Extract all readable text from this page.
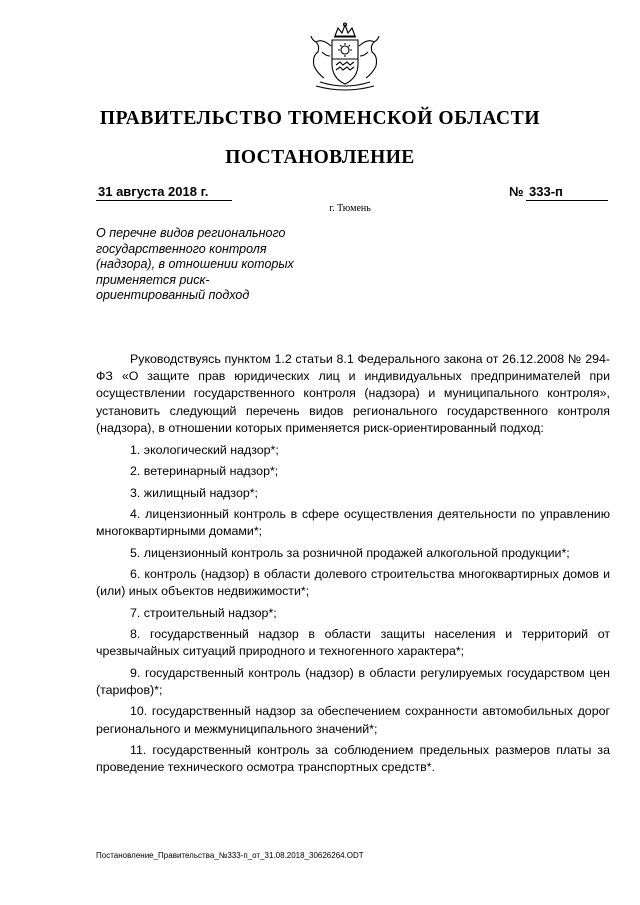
ПРАВИТЕЛЬСТВО ТЮМЕНСКОЙ ОБЛАСТИ
ПОСТАНОВЛЕНИЕ
31 августа 2018 г.	№ 333-п
г. Тюмень
О перечне видов регионального государственного контроля (надзора), в отношении которых применяется риск-ориентированный подход

Руководствуясь пунктом 1.2 статьи 8.1 Федерального закона от 26.12.2008 № 294-ФЗ «О защите прав юридических лиц и индивидуальных предпринимателей при осуществлении государственного контроля (надзора) и муниципального контроля», установить следующий перечень видов регионального государственного контроля (надзора), в отношении которых применяется риск-ориентированный подход:

1. экологический надзор*;

2. ветеринарный надзор*;

3. жилищный надзор*;

4. лицензионный контроль в сфере осуществления деятельности по управлению многоквартирными домами*;

5. лицензионный контроль за розничной продажей алкогольной продукции*;

6. контроль (надзор) в области долевого строительства многоквартирных домов и (или) иных объектов недвижимости*;

7. строительный надзор*;

8. государственный надзор в области защиты населения и территорий от чрезвычайных ситуаций природного и техногенного характера*;

9. государственный контроль (надзор) в области регулируемых государством цен (тарифов)*;

10. государственный надзор за обеспечением сохранности автомобильных дорог регионального и межмуниципального значений*;

11. государственный контроль за соблюдением предельных размеров платы за проведение технического осмотра транспортных средств*.

Постановление_Правительства_№333-п_от_31.08.2018_30626264.ODT
